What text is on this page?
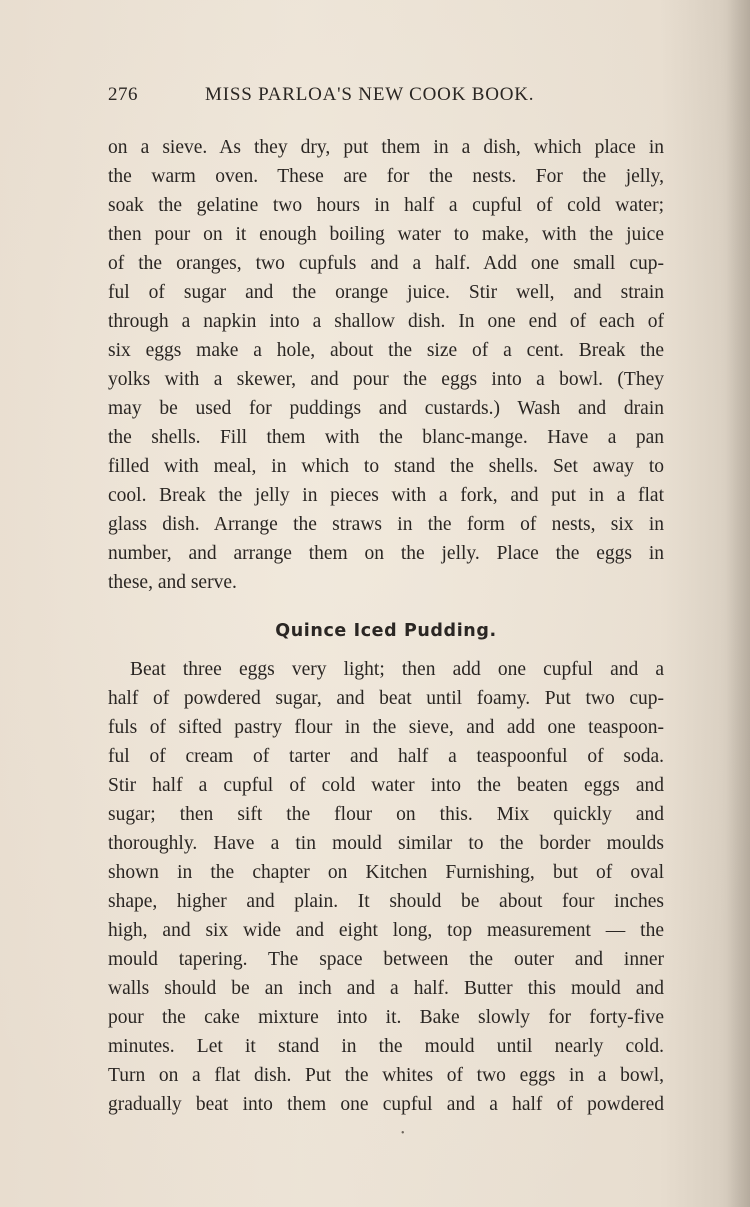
276	MISS PARLOA'S NEW COOK BOOK.
on a sieve. As they dry, put them in a dish, which place in
the warm oven. These are for the nests. For the jelly,
soak the gelatine two hours in half a cupful of cold water;
then pour on it enough boiling water to make, with the juice
of the oranges, two cupfuls and a half. Add one small cup-
ful of sugar and the orange juice. Stir well, and strain
through a napkin into a shallow dish. In one end of each of
six eggs make a hole, about the size of a cent. Break the
yolks with a skewer, and pour the eggs into a bowl. (They
may be used for puddings and custards.) Wash and drain
the shells. Fill them with the blanc-mange. Have a pan
filled with meal, in which to stand the shells. Set away to
cool. Break the jelly in pieces with a fork, and put in a flat
glass dish. Arrange the straws in the form of nests, six in
number, and arrange them on the jelly. Place the eggs in
these, and serve.
Quince Iced Pudding.
Beat three eggs very light; then add one cupful and a
half of powdered sugar, and beat until foamy. Put two cup-
fuls of sifted pastry flour in the sieve, and add one teaspoon-
ful of cream of tarter and half a teaspoonful of soda.
Stir half a cupful of cold water into the beaten eggs and
sugar; then sift the flour on this. Mix quickly and
thoroughly. Have a tin mould similar to the border moulds
shown in the chapter on Kitchen Furnishing, but of oval
shape, higher and plain. It should be about four inches
high, and six wide and eight long, top measurement — the
mould tapering. The space between the outer and inner
walls should be an inch and a half. Butter this mould and
pour the cake mixture into it. Bake slowly for forty-five
minutes. Let it stand in the mould until nearly cold.
Turn on a flat dish. Put the whites of two eggs in a bowl,
gradually beat into them one cupful and a half of powdered
•
